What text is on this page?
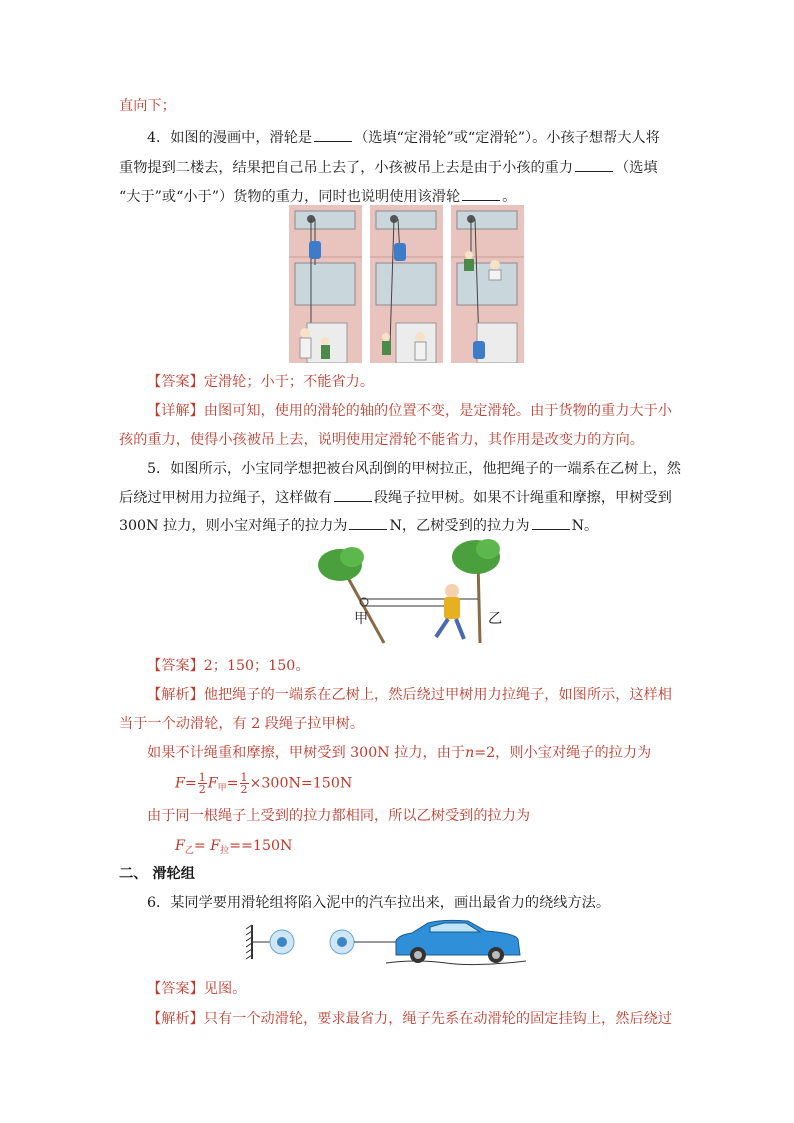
直向下；
4．如图的漫画中，滑轮是	（选填“定滑轮”或“定滑轮”）。小孩子想帮大人将
重物提到二楼去，结果把自己吊上去了，小孩被吊上去是由于小孩的重力	（选填
“大于”或“小于”）货物的重力，同时也说明使用该滑轮	。
【答案】定滑轮；小于；不能省力。
【详解】由图可知，使用的滑轮的轴的位置不变，是定滑轮。由于货物的重力大于小
孩的重力，使得小孩被吊上去，说明使用定滑轮不能省力，其作用是改变力的方向。
5．如图所示，小宝同学想把被台风刮倒的甲树拉正，他把绳子的一端系在乙树上，然
后绕过甲树用力拉绳子，这样做有	段绳子拉甲树。如果不计绳重和摩擦，甲树受到
300N 拉力，则小宝对绳子的拉力为	N，乙树受到的拉力为	N。
甲	乙
【答案】2；150；150。
【解析】他把绳子的一端系在乙树上，然后绕过甲树用力拉绳子，如图所示，这样相
当于一个动滑轮，有 2 段绳子拉甲树。
如果不计绳重和摩擦，甲树受到 300N 拉力，由于n=2，则小宝对绳子的拉力为
$F= \frac{1}{2} F_甲= \frac{1}{2} \times 300N=150N$
由于同一根绳子上受到的拉力都相同，所以乙树受到的拉力为
$F_乙= F_拉==150N$
二、 滑轮组
6．某同学要用滑轮组将陷入泥中的汽车拉出来，画出最省力的绕线方法。
【答案】见图。
【解析】只有一个动滑轮，要求最省力，绳子先系在动滑轮的固定挂钩上，然后绕过
